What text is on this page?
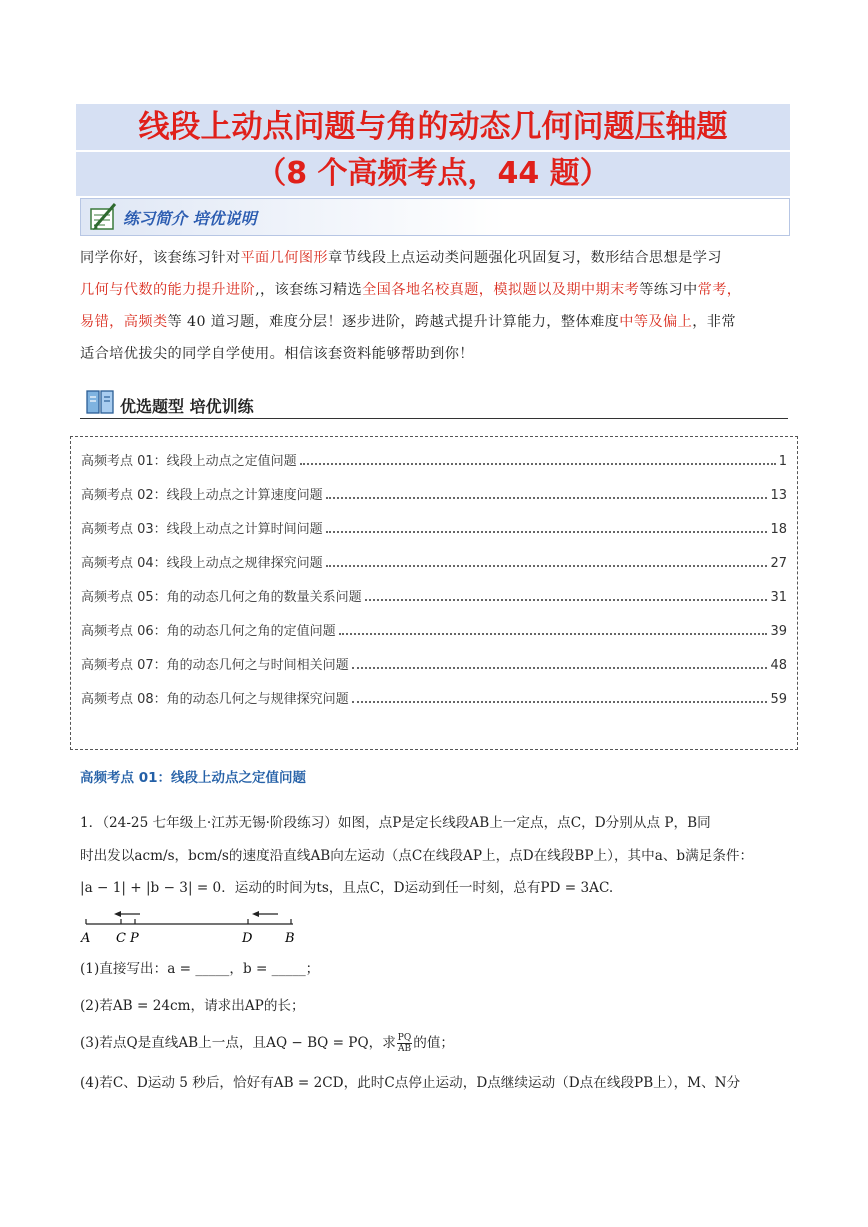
线段上动点问题与角的动态几何问题压轴题
（8 个高频考点，44 题）
练习简介 培优说明
同学你好，该套练习针对平面几何图形章节线段上点运动类问题强化巩固复习，数形结合思想是学习
几何与代数的能力提升进阶,，该套练习精选全国各地名校真题，模拟题以及期中期末考等练习中常考，
易错，高频类等 40 道习题，难度分层！逐步进阶，跨越式提升计算能力，整体难度中等及偏上，非常
适合培优拔尖的同学自学使用。相信该套资料能够帮助到你！
优选题型 培优训练
高频考点 01：线段上动点之定值问题	1
高频考点 02：线段上动点之计算速度问题	13
高频考点 03：线段上动点之计算时间问题	18
高频考点 04：线段上动点之规律探究问题	27
高频考点 05：角的动态几何之角的数量关系问题	31
高频考点 06：角的动态几何之角的定值问题	39
高频考点 07：角的动态几何之与时间相关问题	48
高频考点 08：角的动态几何之与规律探究问题	59
高频考点 01：线段上动点之定值问题
1．（24-25 七年级上·江苏无锡·阶段练习）如图，点P是定长线段AB上一定点，点C，D分别从点 P，B同
时出发以acm/s，bcm/s的速度沿直线AB向左运动（点C在线段AP上，点D在线段BP上），其中a、b满足条件：
|a − 1| + |b − 3| = 0．运动的时间为ts，且点C，D运动到任一时刻，总有PD = 3AC.
A C P	D	B
(1)直接写出：a = _____，b = _____；
(2)若AB = 24cm，请求出AP的长；
(3)若点Q是直线AB上一点，且AQ − BQ = PQ，求 $\frac{PQ}{AB}$ 的值；
(4)若C、D运动 5 秒后，恰好有AB = 2CD，此时C点停止运动，D点继续运动（D点在线段PB上），M、N分
